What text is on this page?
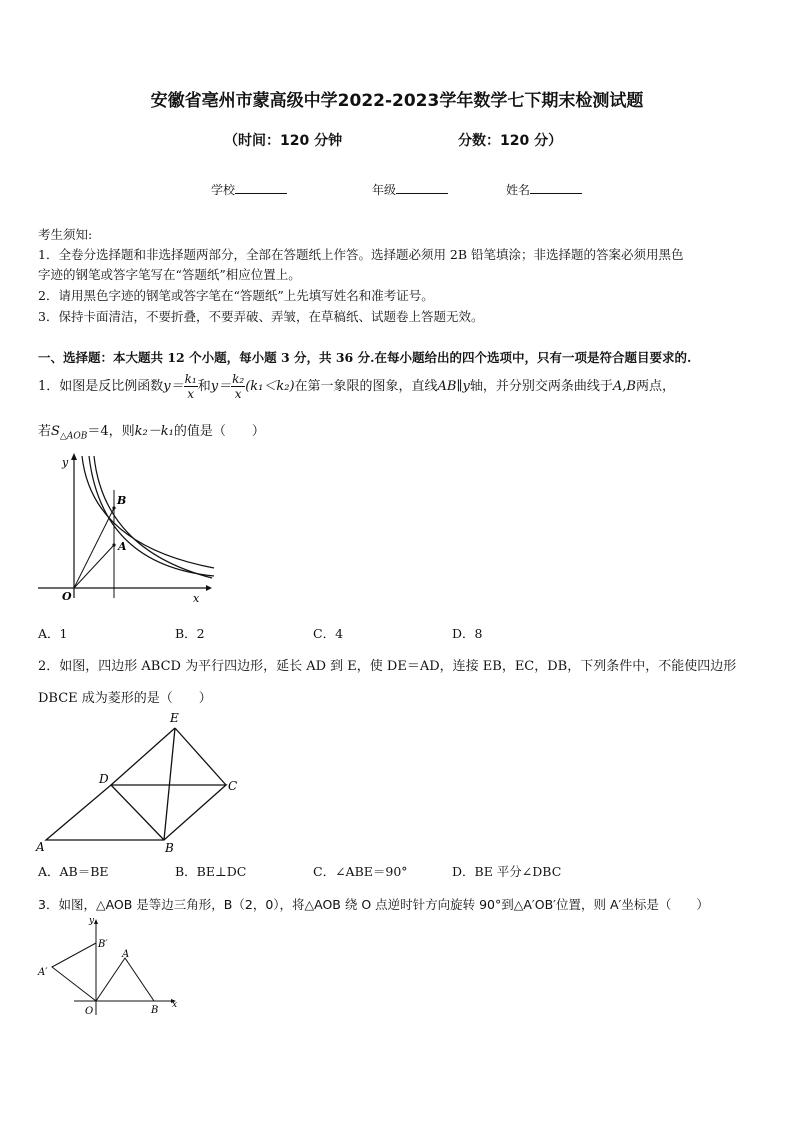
安徽省亳州市蒙高级中学2022-2023学年数学七下期末检测试题
（时间：120 分钟	分数：120 分）
学校	年级	姓名
考生须知:
1．全卷分选择题和非选择题两部分，全部在答题纸上作答。选择题必须用 2B 铅笔填涂；非选择题的答案必须用黑色
字迹的钢笔或答字笔写在“答题纸”相应位置上。
2．请用黑色字迹的钢笔或答字笔在“答题纸”上先填写姓名和准考证号。
3．保持卡面清洁，不要折叠，不要弄破、弄皱，在草稿纸、试题卷上答题无效。
一、选择题：本大题共 12 个小题，每小题 3 分，共 36 分.在每小题给出的四个选项中，只有一项是符合题目要求的.
1．如图是反比例函数$y= \frac{\text{k₁}}{x}$ 和$y= \frac{\text{k₂}}{x} (k_1<k_2)$在第一象限的图象，直线AB∥y轴，并分别交两条曲线于A,B两点，
若$S_{\triangle AOB}=4$，则k₂－k₁的值是（　　）
y
x
O
B
A
A．1	B．2	C．4	D．8
2．如图，四边形 ABCD 为平行四边形，延长 AD 到 E，使 DE＝AD，连接 EB，EC，DB，下列条件中，不能使四边形
DBCE 成为菱形的是（　　）
E
D	C
A	B
A．AB＝BE	B．BE⊥DC	C．∠ABE＝90°	D．BE 平分∠DBC
3．如图，△AOB 是等边三角形，B（2，0），将△AOB 绕 O 点逆时针方向旋转 90°到△A′OB′位置，则 A′坐标是（　　）
y
x
O
A
B
A′
B′
